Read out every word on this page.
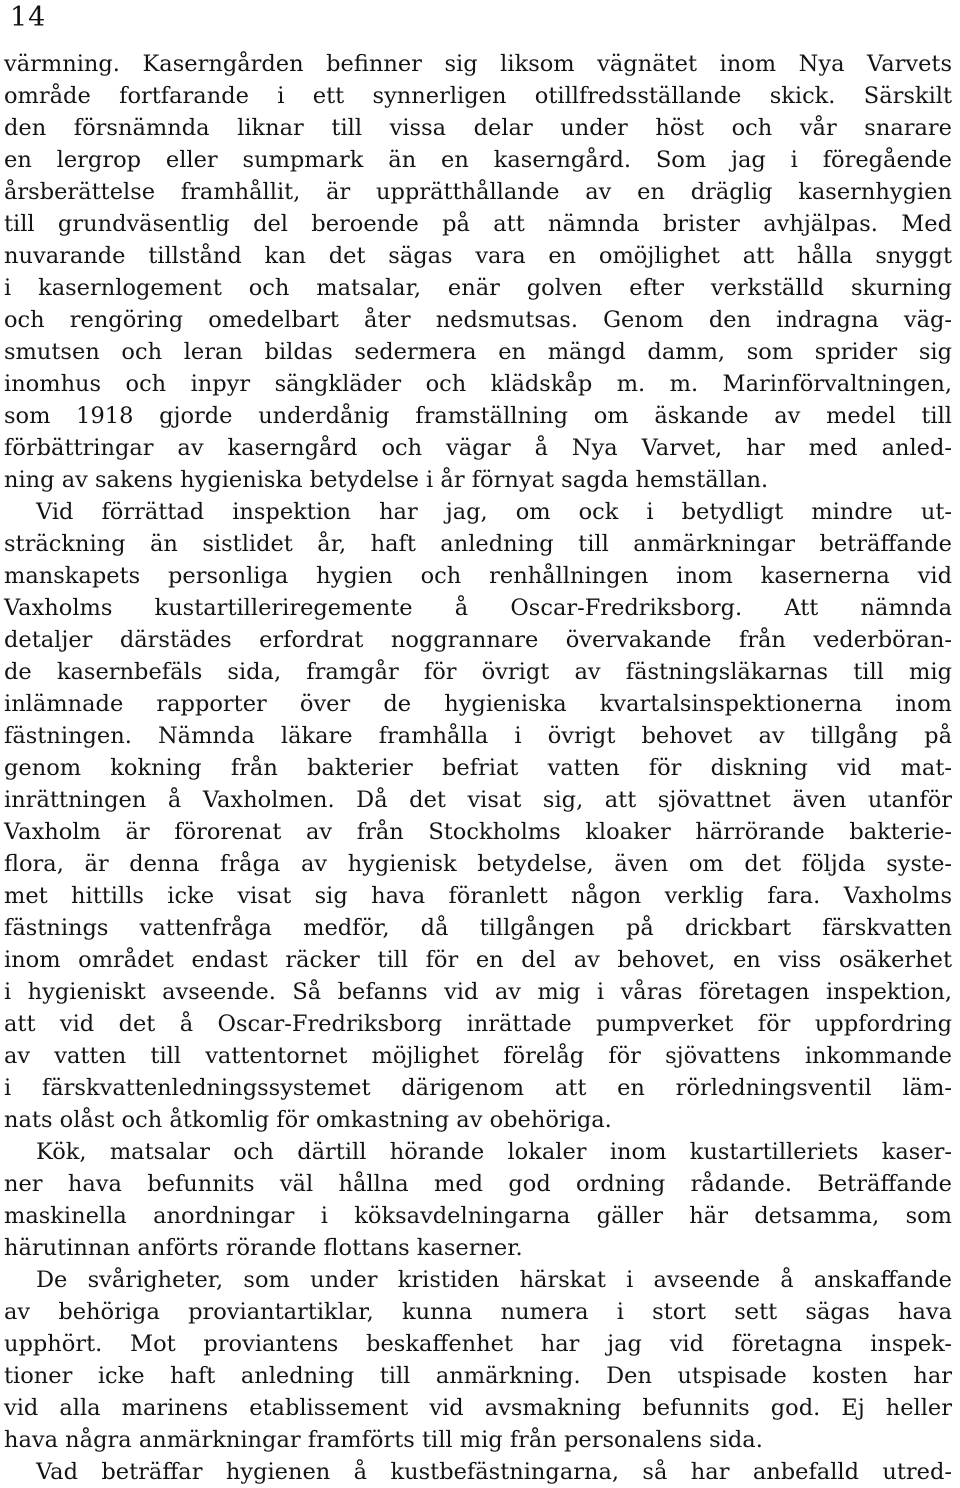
14
värmning. Kaserngården befinner sig liksom vägnätet inom Nya Varvets
område fortfarande i ett synnerligen otillfredsställande skick. Särskilt
den försnämnda liknar till vissa delar under höst och vår snarare
en lergrop eller sumpmark än en kaserngård. Som jag i föregående
årsberättelse framhållit, är upprätthållande av en dräglig kasernhygien
till grundväsentlig del beroende på att nämnda brister avhjälpas. Med
nuvarande tillstånd kan det sägas vara en omöjlighet att hålla snyggt
i kasernlogement och matsalar, enär golven efter verkställd skurning
och rengöring omedelbart åter nedsmutsas. Genom den indragna väg-
smutsen och leran bildas sedermera en mängd damm, som sprider sig
inomhus och inpyr sängkläder och klädskåp m. m. Marinförvaltningen,
som 1918 gjorde underdånig framställning om äskande av medel till
förbättringar av kaserngård och vägar å Nya Varvet, har med anled-
ning av sakens hygieniska betydelse i år förnyat sagda hemställan.
Vid förrättad inspektion har jag, om ock i betydligt mindre ut-
sträckning än sistlidet år, haft anledning till anmärkningar beträffande
manskapets personliga hygien och renhållningen inom kasernerna vid
Vaxholms kustartilleriregemente å Oscar-Fredriksborg. Att nämnda
detaljer därstädes erfordrat noggrannare övervakande från vederböran-
de kasernbefäls sida, framgår för övrigt av fästningsläkarnas till mig
inlämnade rapporter över de hygieniska kvartalsinspektionerna inom
fästningen. Nämnda läkare framhålla i övrigt behovet av tillgång på
genom kokning från bakterier befriat vatten för diskning vid mat-
inrättningen å Vaxholmen. Då det visat sig, att sjövattnet även utanför
Vaxholm är förorenat av från Stockholms kloaker härrörande bakterie-
flora, är denna fråga av hygienisk betydelse, även om det följda syste-
met hittills icke visat sig hava föranlett någon verklig fara. Vaxholms
fästnings vattenfråga medför, då tillgången på drickbart färskvatten
inom området endast räcker till för en del av behovet, en viss osäkerhet
i hygieniskt avseende. Så befanns vid av mig i våras företagen inspektion,
att vid det å Oscar-Fredriksborg inrättade pumpverket för uppfordring
av vatten till vattentornet möjlighet förelåg för sjövattens inkommande
i färskvattenledningssystemet därigenom att en rörledningsventil läm-
nats olåst och åtkomlig för omkastning av obehöriga.
Kök, matsalar och därtill hörande lokaler inom kustartilleriets kaser-
ner hava befunnits väl hållna med god ordning rådande. Beträffande
maskinella anordningar i köksavdelningarna gäller här detsamma, som
härutinnan anförts rörande flottans kaserner.
De svårigheter, som under kristiden härskat i avseende å anskaffande
av behöriga proviantartiklar, kunna numera i stort sett sägas hava
upphört. Mot proviantens beskaffenhet har jag vid företagna inspek-
tioner icke haft anledning till anmärkning. Den utspisade kosten har
vid alla marinens etablissement vid avsmakning befunnits god. Ej heller
hava några anmärkningar framförts till mig från personalens sida.
Vad beträffar hygienen å kustbefästningarna, så har anbefalld utred-
